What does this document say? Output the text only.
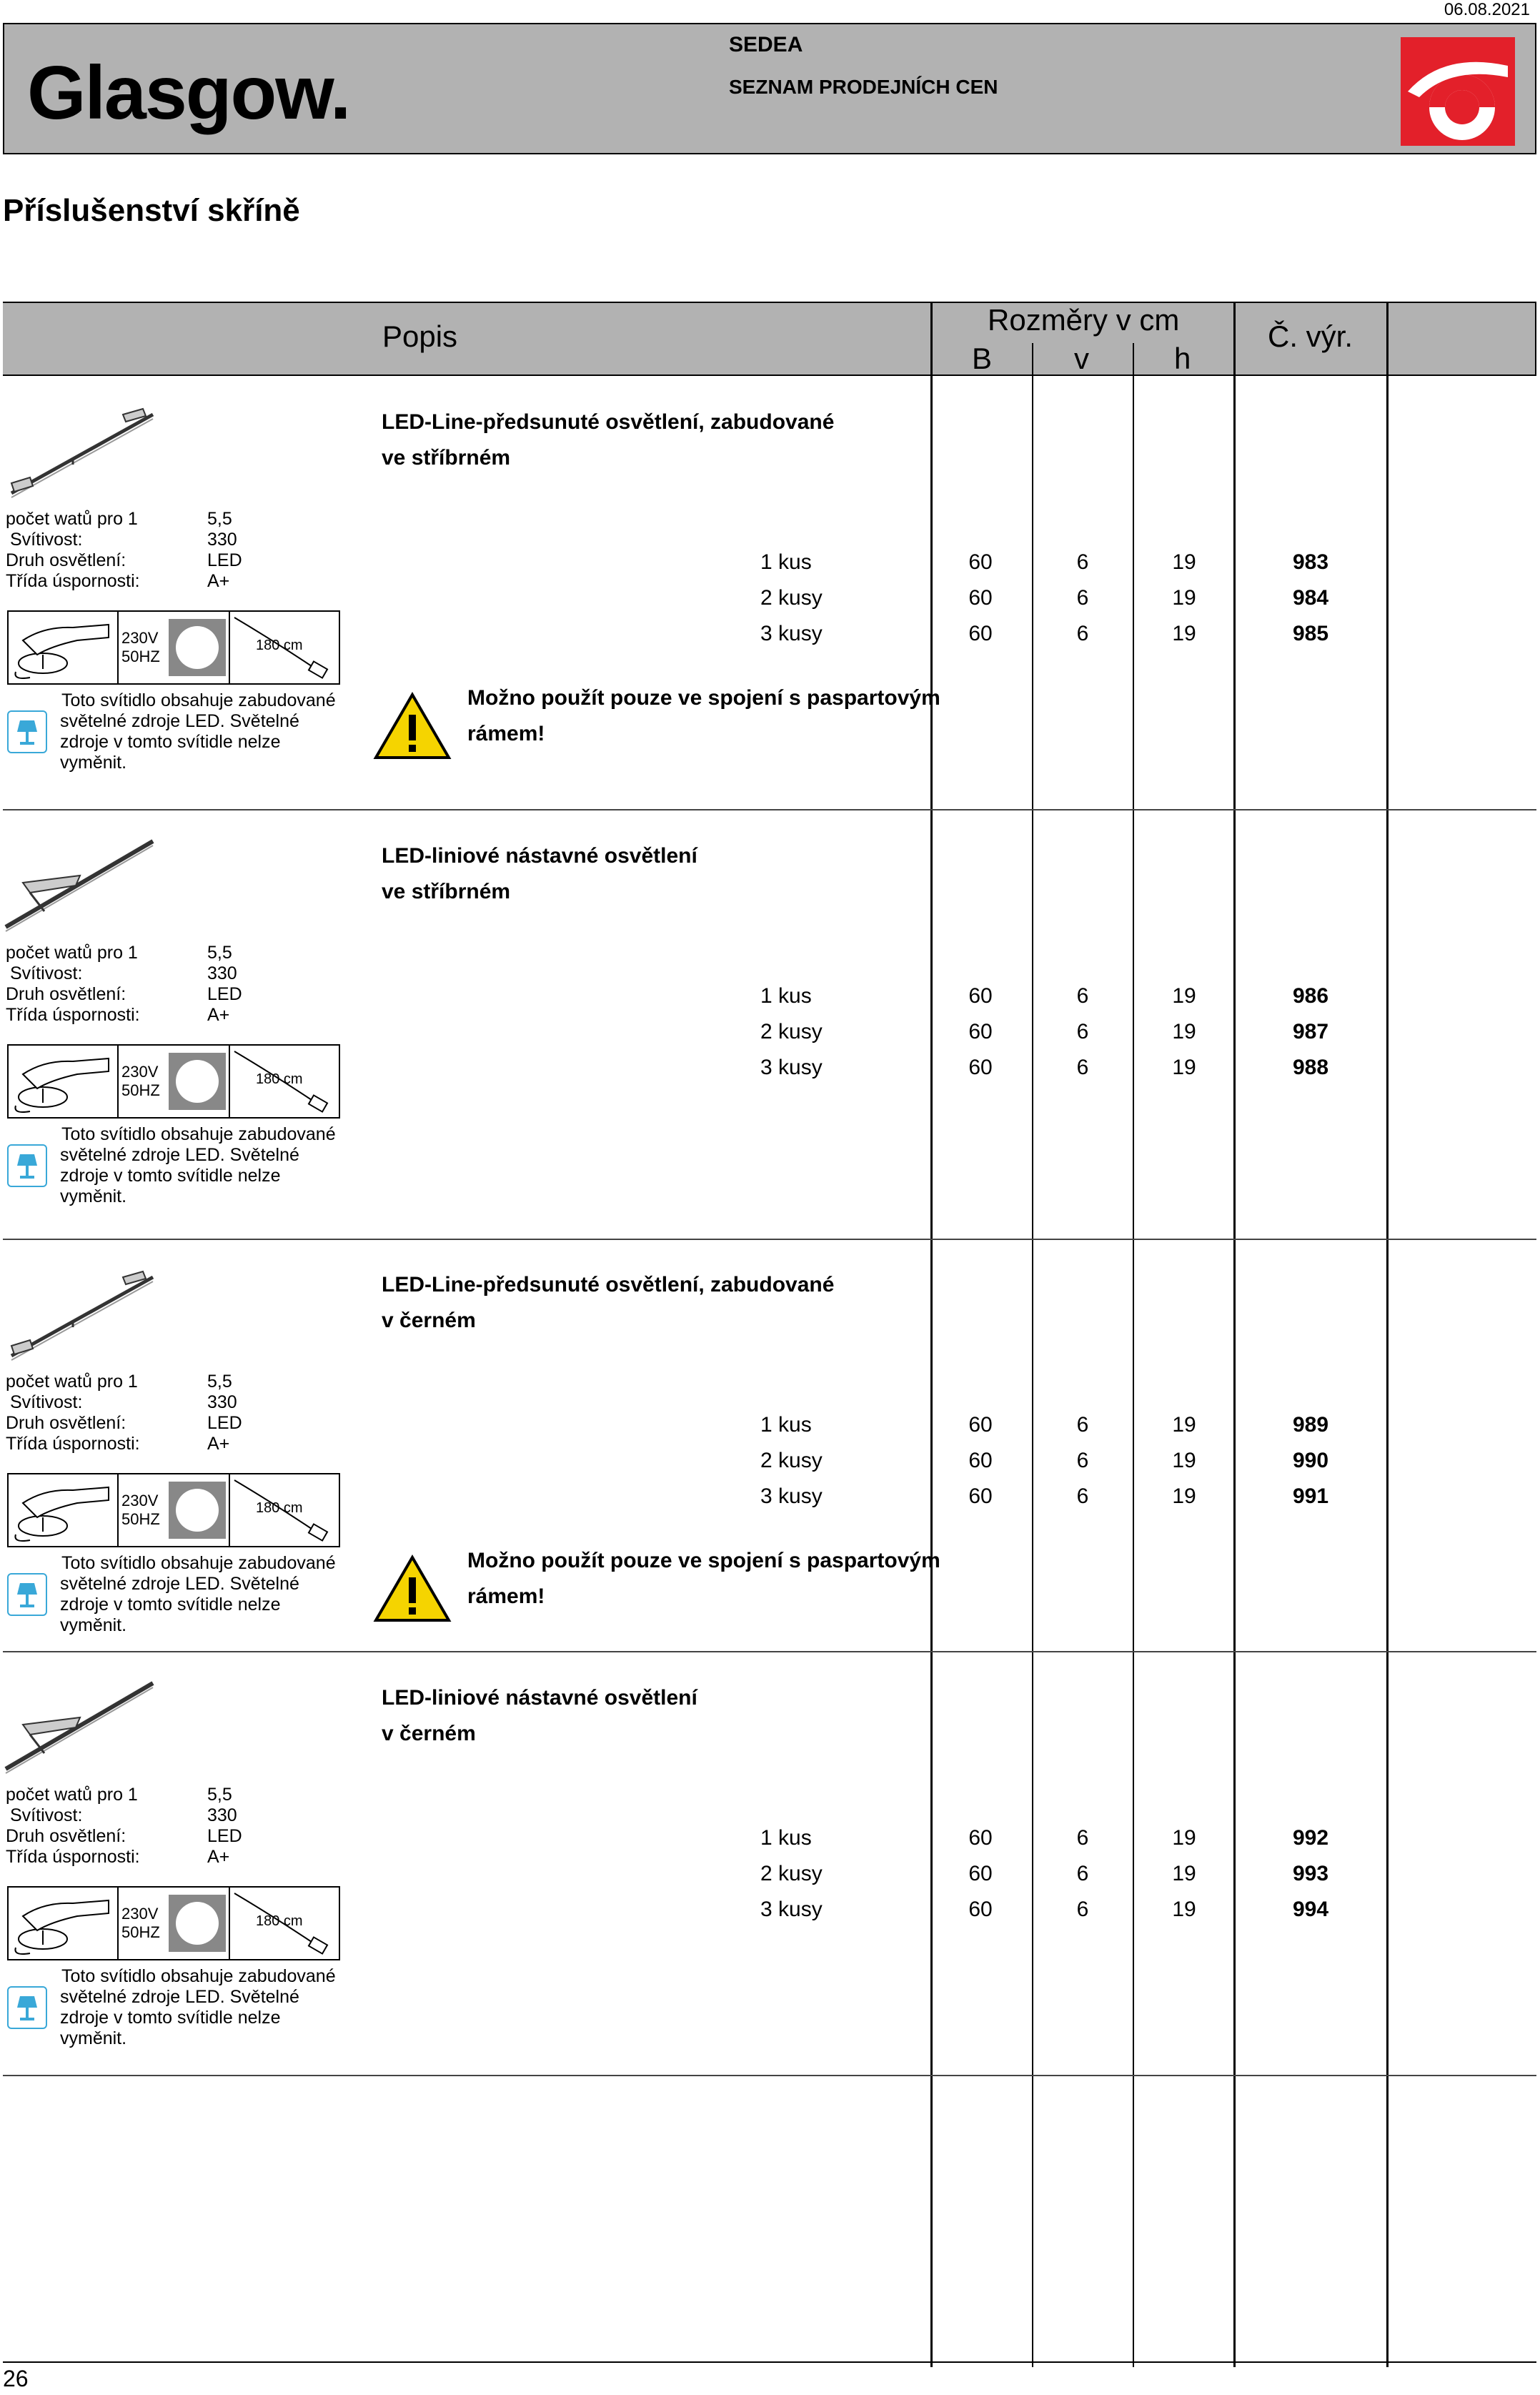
06.08.2021
Glasgow.
SEDEA
SEZNAM PRODEJNÍCH CEN
Příslušenství skříně
Popis	Rozměry v cm
B	v	h
Č. výr.
LED-Line-předsunuté osvětlení, zabudované
ve stříbrném
počet watů pro 1	5,5
Svítivost:	330
Druh osvětlení:	LED
Třída úspornosti:	A+
230V
50HZ
180 cm
Toto svítidlo obsahuje zabudované
světelné zdroje LED. Světelné
zdroje v tomto svítidle nelze
vyměnit.
1 kus	60	6	19	983
2 kusy	60	6	19	984
3 kusy	60	6	19	985
Možno použít pouze ve spojení s paspartovým
rámem!
LED-liniové nástavné osvětlení
ve stříbrném
počet watů pro 1	5,5
Svítivost:	330
Druh osvětlení:	LED
Třída úspornosti:	A+
230V
50HZ
180 cm
Toto svítidlo obsahuje zabudované
světelné zdroje LED. Světelné
zdroje v tomto svítidle nelze
vyměnit.
1 kus	60	6	19	986
2 kusy	60	6	19	987
3 kusy	60	6	19	988
LED-Line-předsunuté osvětlení, zabudované
v černém
počet watů pro 1	5,5
Svítivost:	330
Druh osvětlení:	LED
Třída úspornosti:	A+
230V
50HZ
180 cm
Toto svítidlo obsahuje zabudované
světelné zdroje LED. Světelné
zdroje v tomto svítidle nelze
vyměnit.
1 kus	60	6	19	989
2 kusy	60	6	19	990
3 kusy	60	6	19	991
Možno použít pouze ve spojení s paspartovým
rámem!
LED-liniové nástavné osvětlení
v černém
počet watů pro 1	5,5
Svítivost:	330
Druh osvětlení:	LED
Třída úspornosti:	A+
230V
50HZ
180 cm
Toto svítidlo obsahuje zabudované
světelné zdroje LED. Světelné
zdroje v tomto svítidle nelze
vyměnit.
1 kus	60	6	19	992
2 kusy	60	6	19	993
3 kusy	60	6	19	994
26
